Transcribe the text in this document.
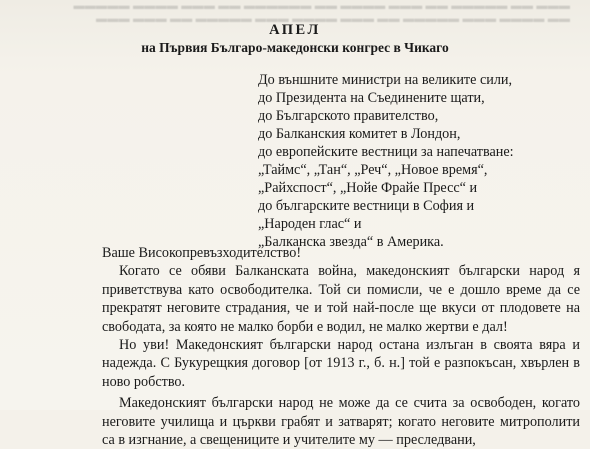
▬▬▬ ▬▬ ▬▬▬▬▬ ▬▬ ▬▬▬ ▬▬▬▬ ▬▬ ▬▬▬▬▬▬ ▬▬ ▬▬▬ ▬▬▬▬ ▬▬▬▬▬
▬▬ ▬▬▬▬ ▬▬▬ ▬▬▬▬▬ ▬▬ ▬▬▬ ▬▬▬▬ ▬▬▬ ▬▬▬▬▬ ▬▬ ▬▬▬ ▬▬▬
АПЕЛ
на Първия Българо-македонски конгрес в Чикаго
До външните министри на великите сили,
до Президента на Съединените щати,
до Българското правителство,
до Балканския комитет в Лондон,
до европейските вестници за напечатване:
„Таймс“, „Тан“, „Реч“, „Новое время“,
„Райхспост“, „Нойе Фрайе Пресс“ и
до българските вестници в София и
„Народен глас“ и
„Балканска звезда“ в Америка.

Ваше Високопревъзходителство!

Когато се обяви Балканската война, македонският български народ я приветствува като освободителка. Той си помисли, че е дошло време да се прекратят неговите страдания, че и той най-после ще вкуси от плодовете на свободата, за която не малко борби е водил, не малко жертви е дал!

Но уви! Македонският български народ остана излъган в своята вяра и надежда. С Букурещкия договор [от 1913 г., б. н.] той е разпокъсан, хвърлен в ново робство.

Македонският български народ не може да се счита за освободен, когато неговите училища и църкви грабят и затварят; когато неговите митрополити са в изгнание, а свещениците и учителите му — преследвани,
